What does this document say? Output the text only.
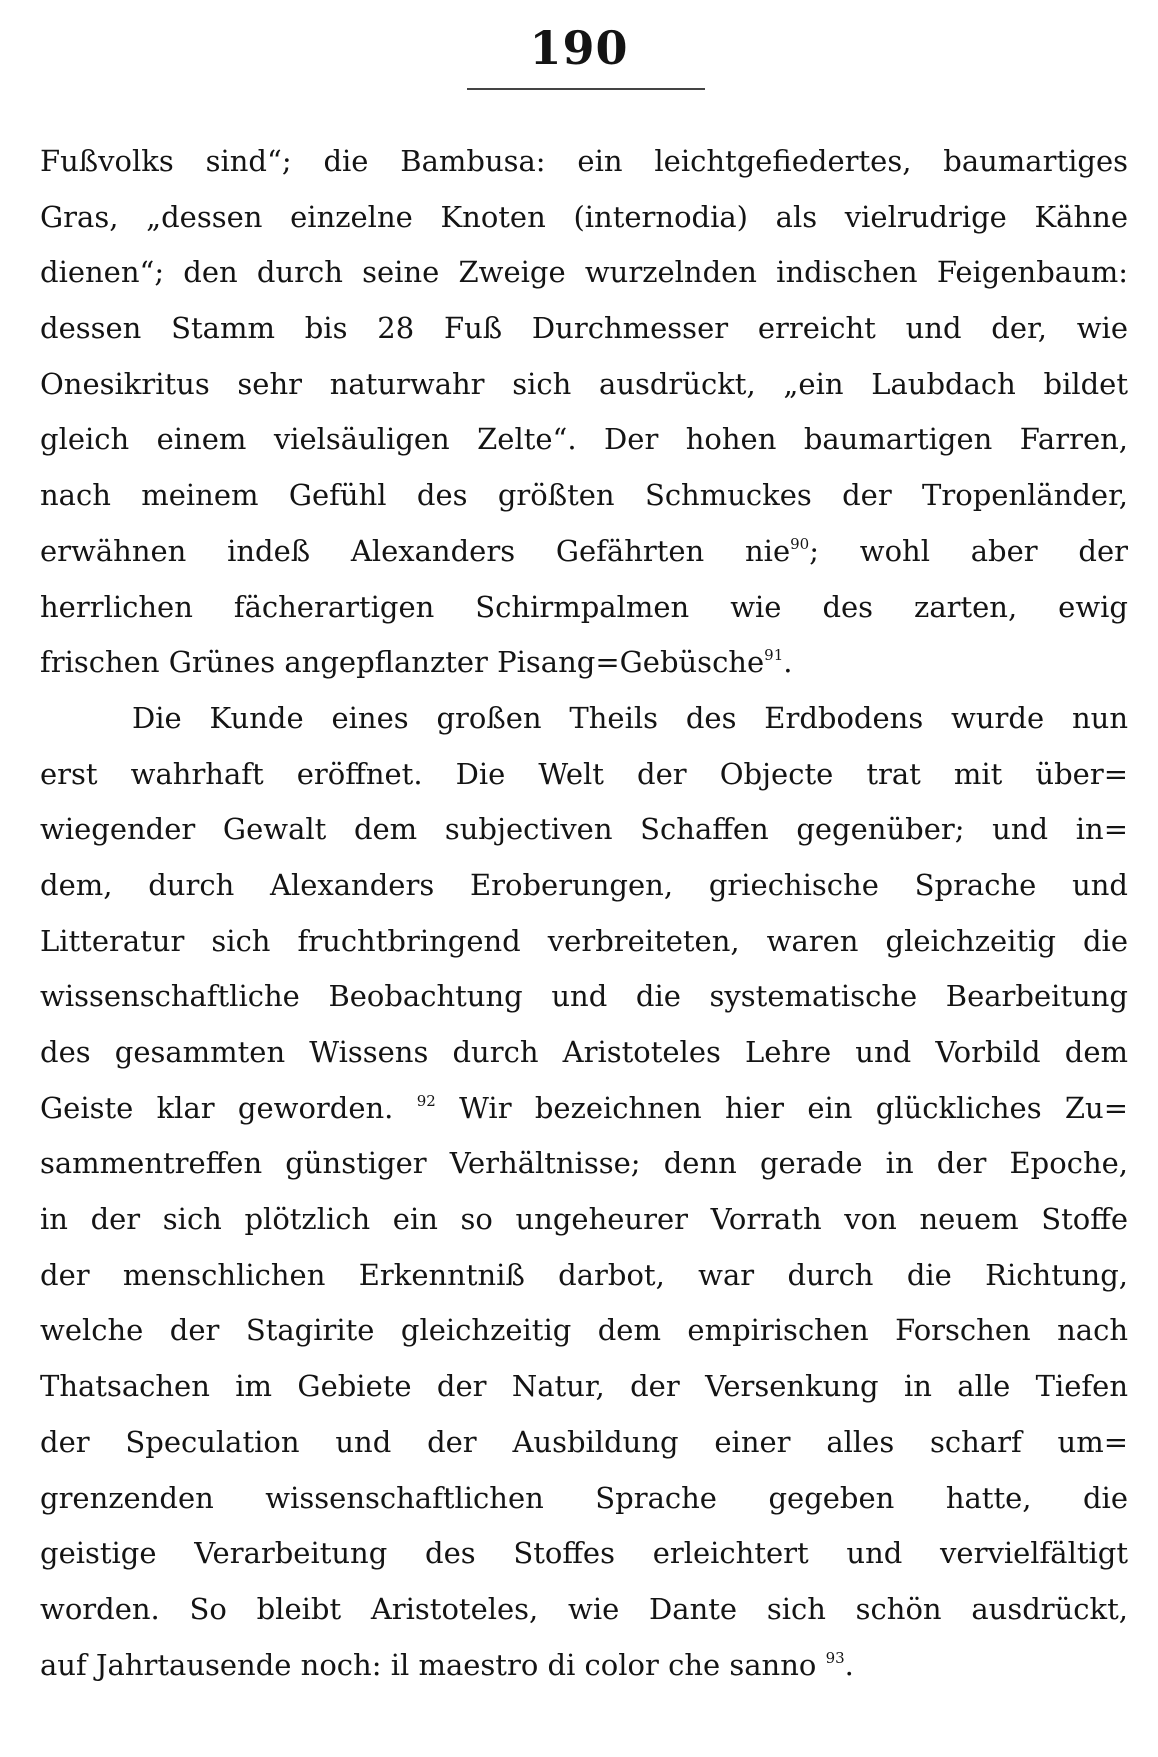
190
Fußvolks sind“; die Bambusa: ein leichtgefiedertes, baumartiges
Gras, „dessen einzelne Knoten (internodia) als vielrudrige Kähne
dienen“; den durch seine Zweige wurzelnden indischen Feigenbaum:
dessen Stamm bis 28 Fuß Durchmesser erreicht und der, wie
Onesikritus sehr naturwahr sich ausdrückt, „ein Laubdach bildet
gleich einem vielsäuligen Zelte“. Der hohen baumartigen Farren,
nach meinem Gefühl des größten Schmuckes der Tropenländer,
erwähnen indeß Alexanders Gefährten nie$^{90}$; wohl aber der
herrlichen fächerartigen Schirmpalmen wie des zarten, ewig
frischen Grünes angepflanzter Pisang=Gebüsche$^{91}$.
Die Kunde eines großen Theils des Erdbodens wurde nun
erst wahrhaft eröffnet. Die Welt der Objecte trat mit über=
wiegender Gewalt dem subjectiven Schaffen gegenüber; und in=
dem, durch Alexanders Eroberungen, griechische Sprache und
Litteratur sich fruchtbringend verbreiteten, waren gleichzeitig die
wissenschaftliche Beobachtung und die systematische Bearbeitung
des gesammten Wissens durch Aristoteles Lehre und Vorbild dem
Geiste klar geworden. $^{92}$ Wir bezeichnen hier ein glückliches Zu=
sammentreffen günstiger Verhältnisse; denn gerade in der Epoche,
in der sich plötzlich ein so ungeheurer Vorrath von neuem Stoffe
der menschlichen Erkenntniß darbot, war durch die Richtung,
welche der Stagirite gleichzeitig dem empirischen Forschen nach
Thatsachen im Gebiete der Natur, der Versenkung in alle Tiefen
der Speculation und der Ausbildung einer alles scharf um=
grenzenden wissenschaftlichen Sprache gegeben hatte, die
geistige Verarbeitung des Stoffes erleichtert und vervielfältigt
worden. So bleibt Aristoteles, wie Dante sich schön ausdrückt,
auf Jahrtausende noch: il maestro di color che sanno $^{93}$.
